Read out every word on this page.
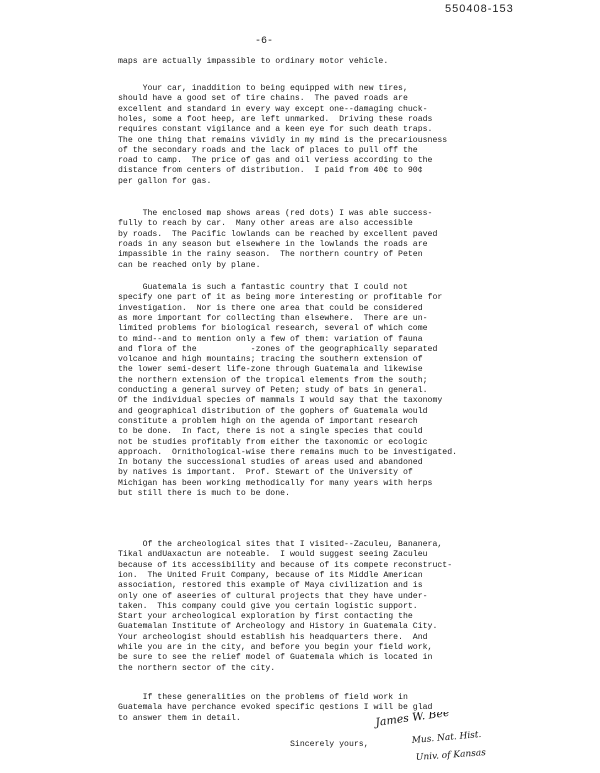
550408-153
-6-
maps are actually impassible to ordinary motor vehicle.
Your car, inaddition to being equipped with new tires,
should have a good set of tire chains.  The paved roads are
excellent and standard in every way except one--damaging chuck-
holes, some a foot heep, are left unmarked.  Driving these roads
requires constant vigilance and a keen eye for such death traps.
The one thing that remains vividly in my mind is the precariousness
of the secondary roads and the lack of places to pull off the
road to camp.  The price of gas and oil veriess according to the
distance from centers of distribution.  I paid from 40¢ to 90¢
per gallon for gas.
The enclosed map shows areas (red dots) I was able success-
fully to reach by car.  Many other areas are also accessible
by roads.  The Pacific lowlands can be reached by excellent paved
roads in any season but elsewhere in the lowlands the roads are
impassible in the rainy season.  The northern country of Peten
can be reached only by plane.
Guatemala is such a fantastic country that I could not
specify one part of it as being more interesting or profitable for
investigation.  Nor is there one area that could be considered
as more important for collecting than elsewhere.  There are un-
limited problems for biological research, several of which come
to mind--and to mention only a few of them: variation of fauna
and flora of the           -zones of the geographically separated
volcanoe and high mountains; tracing the southern extension of
the lower semi-desert life-zone through Guatemala and likewise
the northern extension of the tropical elements from the south;
conducting a general survey of Peten; study of bats in general.
Of the individual species of mammals I would say that the taxonomy
and geographical distribution of the gophers of Guatemala would
constitute a problem high on the agenda of important research
to be done.  In fact, there is not a single species that could
not be studies profitably from either the taxonomic or ecologic
approach.  Ornithological-wise there remains much to be investigated.
In botany the successional studies of areas used and abandoned
by natives is important.  Prof. Stewart of the University of
Michigan has been working methodically for many years with herps
but still there is much to be done.
Of the archeological sites that I visited--Zaculeu, Bananera,
Tikal andUaxactun are noteable.  I would suggest seeing Zaculeu
because of its accessibility and because of its compete reconstruct-
ion.  The United Fruit Company, because of its Middle American
association, restored this example of Maya civilization and is
only one of aseeries of cultural projects that they have under-
taken.  This company could give you certain logistic support.
Start your archeological exploration by first contacting the
Guatemalan Institute of Archeology and History in Guatemala City.
Your archeologist should establish his headquarters there.  And
while you are in the city, and before you begin your field work,
be sure to see the relief model of Guatemala which is located in
the northern sector of the city.
If these generalities on the problems of field work in
Guatemala have perchance evoked specific qestions I will be glad
to answer them in detail.
Sincerely yours,
James W. Bee
Mus. Nat. Hist.
Univ. of Kansas
